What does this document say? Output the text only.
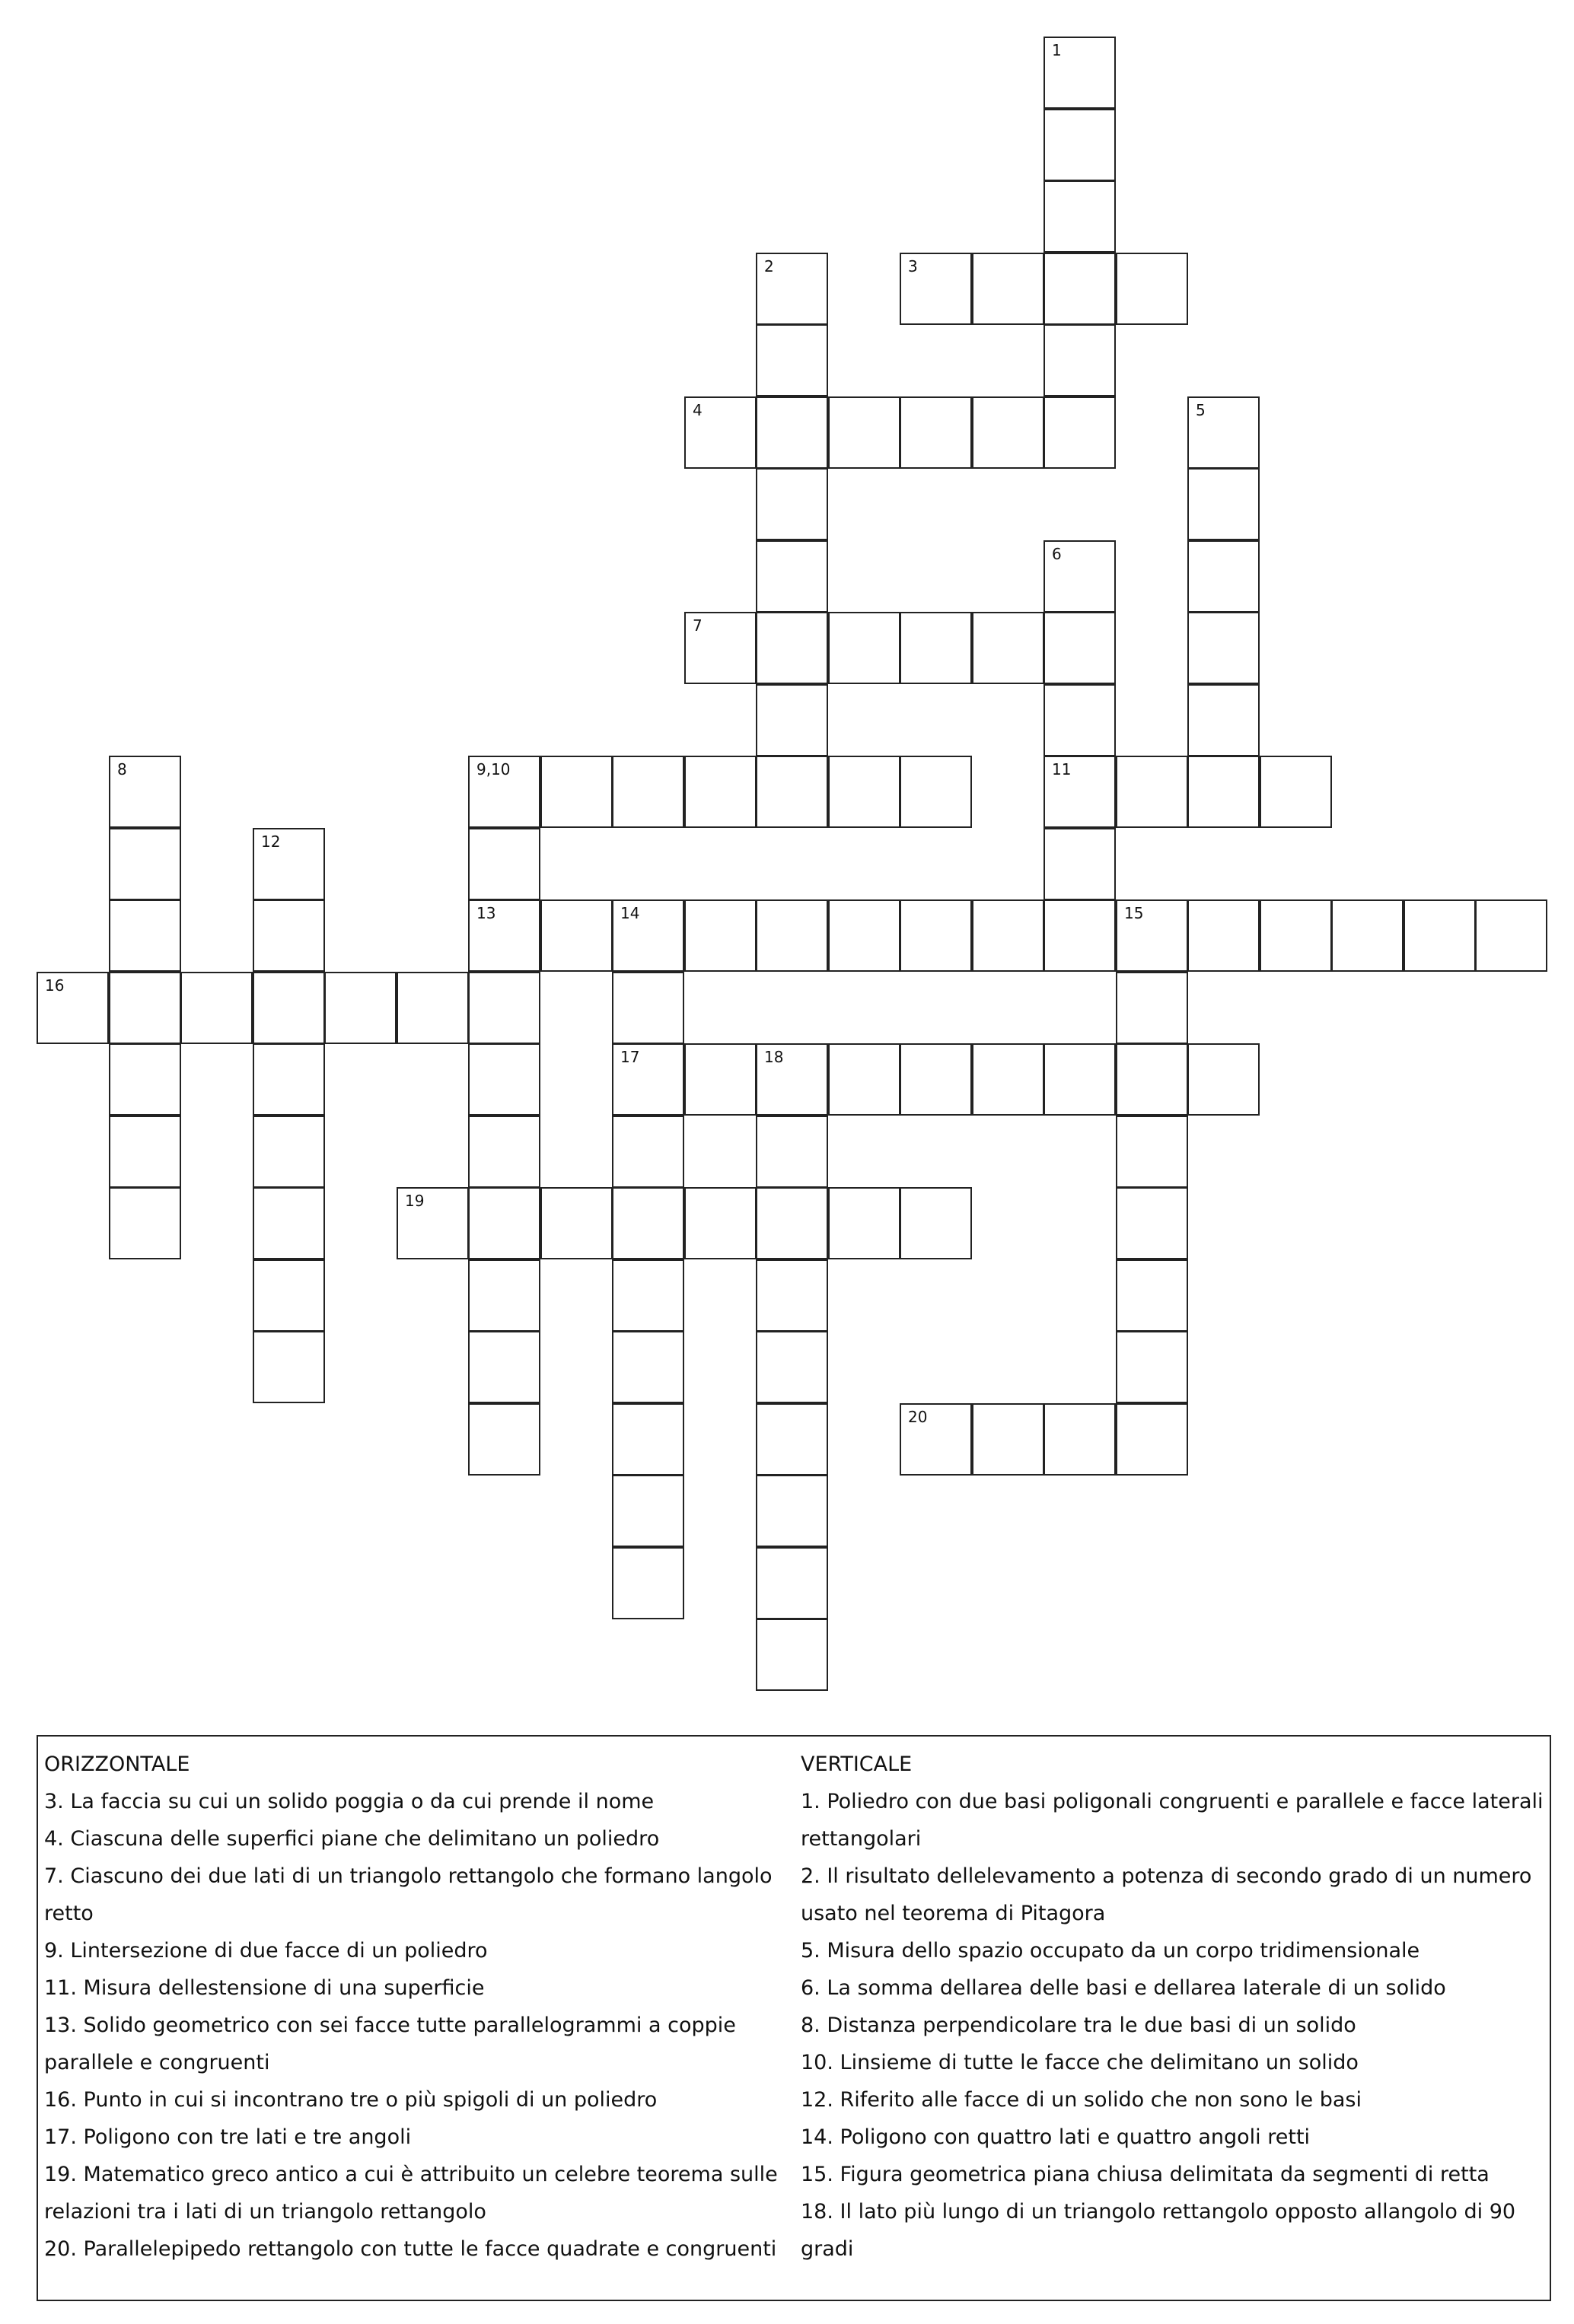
1
2	3
4	5
6
7
8	9,10	11
12
13	14	15
16
17	18
19
20

ORIZZONTALE

3. La faccia su cui un solido poggia o da cui prende il nome

4. Ciascuna delle superfici piane che delimitano un poliedro

7. Ciascuno dei due lati di un triangolo rettangolo che formano langolo

retto

9. Lintersezione di due facce di un poliedro

11. Misura dellestensione di una superficie

13. Solido geometrico con sei facce tutte parallelogrammi a coppie

parallele e congruenti

16. Punto in cui si incontrano tre o più spigoli di un poliedro

17. Poligono con tre lati e tre angoli

19. Matematico greco antico a cui è attribuito un celebre teorema sulle

relazioni tra i lati di un triangolo rettangolo

20. Parallelepipedo rettangolo con tutte le facce quadrate e congruenti

VERTICALE

1. Poliedro con due basi poligonali congruenti e parallele e facce laterali

rettangolari

2. Il risultato dellelevamento a potenza di secondo grado di un numero

usato nel teorema di Pitagora

5. Misura dello spazio occupato da un corpo tridimensionale

6. La somma dellarea delle basi e dellarea laterale di un solido

8. Distanza perpendicolare tra le due basi di un solido

10. Linsieme di tutte le facce che delimitano un solido

12. Riferito alle facce di un solido che non sono le basi

14. Poligono con quattro lati e quattro angoli retti

15. Figura geometrica piana chiusa delimitata da segmenti di retta

18. Il lato più lungo di un triangolo rettangolo opposto allangolo di 90

gradi
